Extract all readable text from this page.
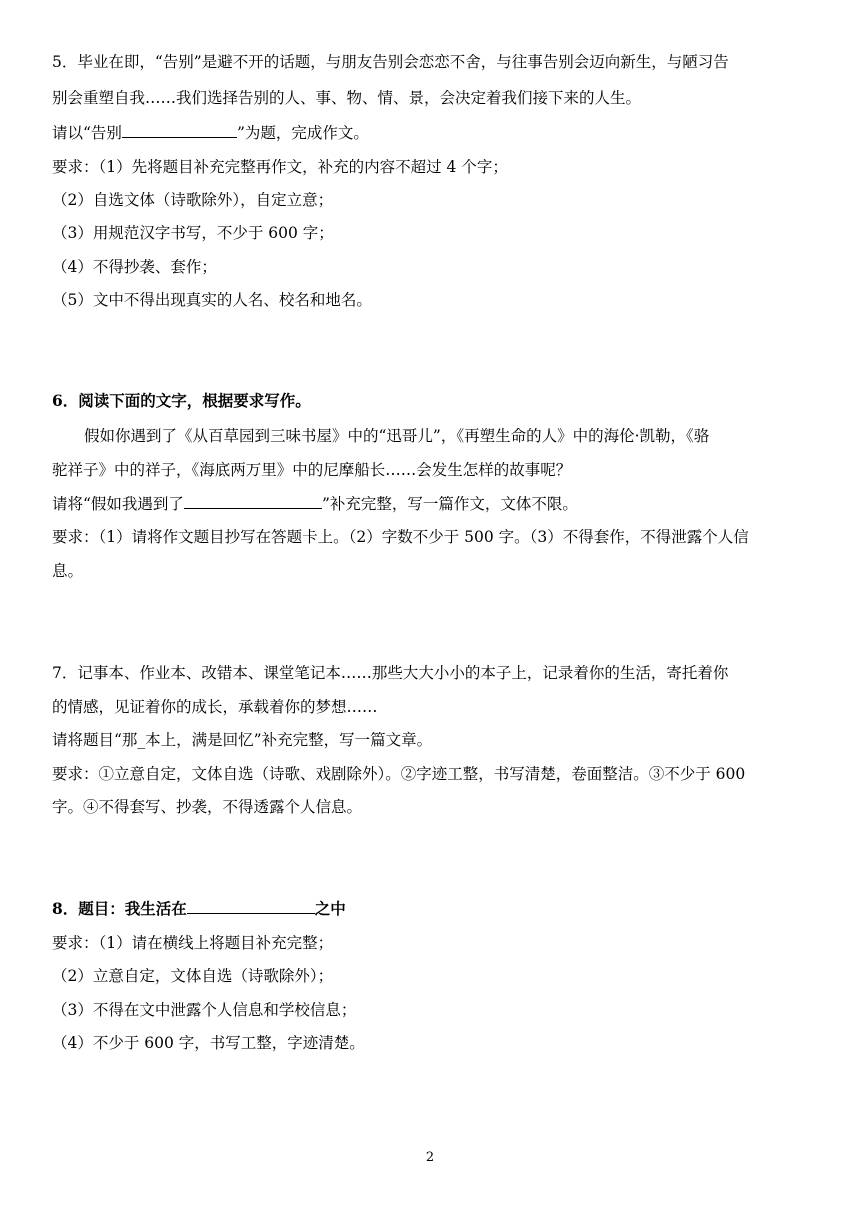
5．毕业在即，“告别”是避不开的话题，与朋友告别会恋恋不舍，与往事告别会迈向新生，与陋习告
别会重塑自我……我们选择告别的人、事、物、情、景，会决定着我们接下来的人生。
请以“告别	”为题，完成作文。
要求：（1）先将题目补充完整再作文，补充的内容不超过 4 个字；
（2）自选文体（诗歌除外），自定立意；
（3）用规范汉字书写，不少于 600 字；
（4）不得抄袭、套作；
（5）文中不得出现真实的人名、校名和地名。
6．阅读下面的文字，根据要求写作。
假如你遇到了《从百草园到三味书屋》中的“迅哥儿”，《再塑生命的人》中的海伦·凯勒，《骆
驼祥子》中的祥子，《海底两万里》中的尼摩船长……会发生怎样的故事呢？
请将“假如我遇到了	”补充完整，写一篇作文，文体不限。
要求：（1）请将作文题目抄写在答题卡上。（2）字数不少于 500 字。（3）不得套作，不得泄露个人信
息。
7．记事本、作业本、改错本、课堂笔记本……那些大大小小的本子上，记录着你的生活，寄托着你
的情感，见证着你的成长，承载着你的梦想……
请将题目“那_本上，满是回忆”补充完整，写一篇文章。
要求：①立意自定，文体自选（诗歌、戏剧除外）。②字迹工整，书写清楚，卷面整洁。③不少于 600
字。④不得套写、抄袭，不得透露个人信息。
8．题目：我生活在	之中
要求：（1）请在横线上将题目补充完整；
（2）立意自定，文体自选（诗歌除外）；
（3）不得在文中泄露个人信息和学校信息；
（4）不少于 600 字，书写工整，字迹清楚。
2
